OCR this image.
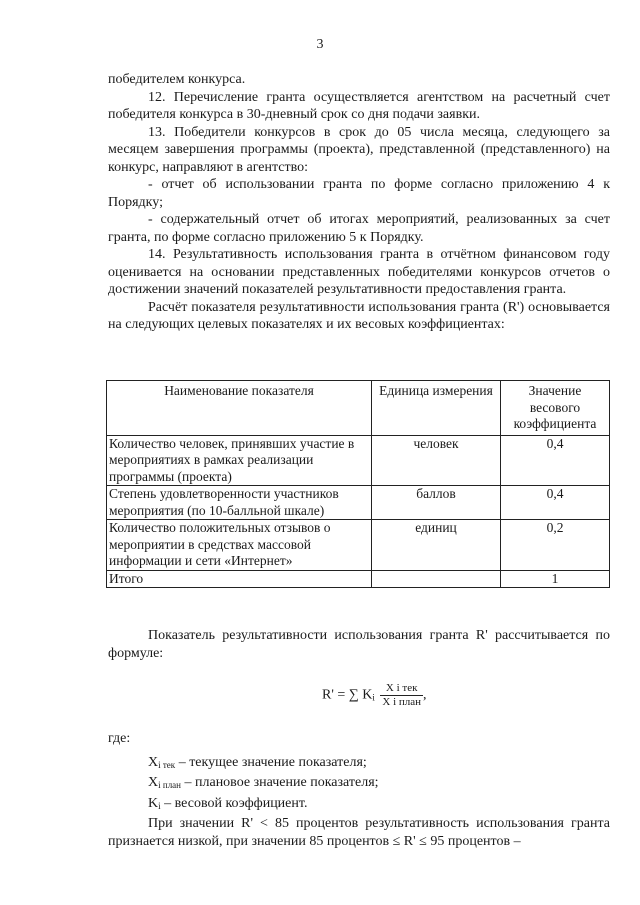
3

победителем конкурса.

12. Перечисление гранта осуществляется агентством на расчетный счет победителя конкурса в 30-дневный срок со дня подачи заявки.

13. Победители конкурсов в срок до 05 числа месяца, следующего за месяцем завершения программы (проекта), представленной (представленного) на конкурс, направляют в агентство:

- отчет об использовании гранта по форме согласно приложению 4 к Порядку;

- содержательный отчет об итогах мероприятий, реализованных за счет гранта, по форме согласно приложению 5 к Порядку.

14. Результативность использования гранта в отчётном финансовом году оценивается на основании представленных победителями конкурсов отчетов о достижении значений показателей результативности предоставления гранта.

Расчёт показателя результативности использования гранта (R') основывается на следующих целевых показателях и их весовых коэффициентах:

Наименование показателя	Единица измерения	Значение весового коэффициента
Количество человек, принявших участие в мероприятиях в рамках реализации программы (проекта)	человек	0,4
Степень удовлетворенности участников мероприятия (по 10-балльной шкале)	баллов	0,4
Количество положительных отзывов о мероприятии в средствах массовой информации и сети «Интернет»	единиц	0,2
Итого		1

Показатель результативности использования гранта R' рассчитывается по формуле:

R' = ∑ $K_i \frac{\text{X i тек}}{\text{X i план}}$ ,

где:

$X_{i тек}$ – текущее значение показателя;

$X_{i план}$ – плановое значение показателя;

$K_i$ – весовой коэффициент.

При значении R' < 85 процентов результативность использования гранта признается низкой, при значении 85 процентов ≤ R' ≤ 95 процентов –
